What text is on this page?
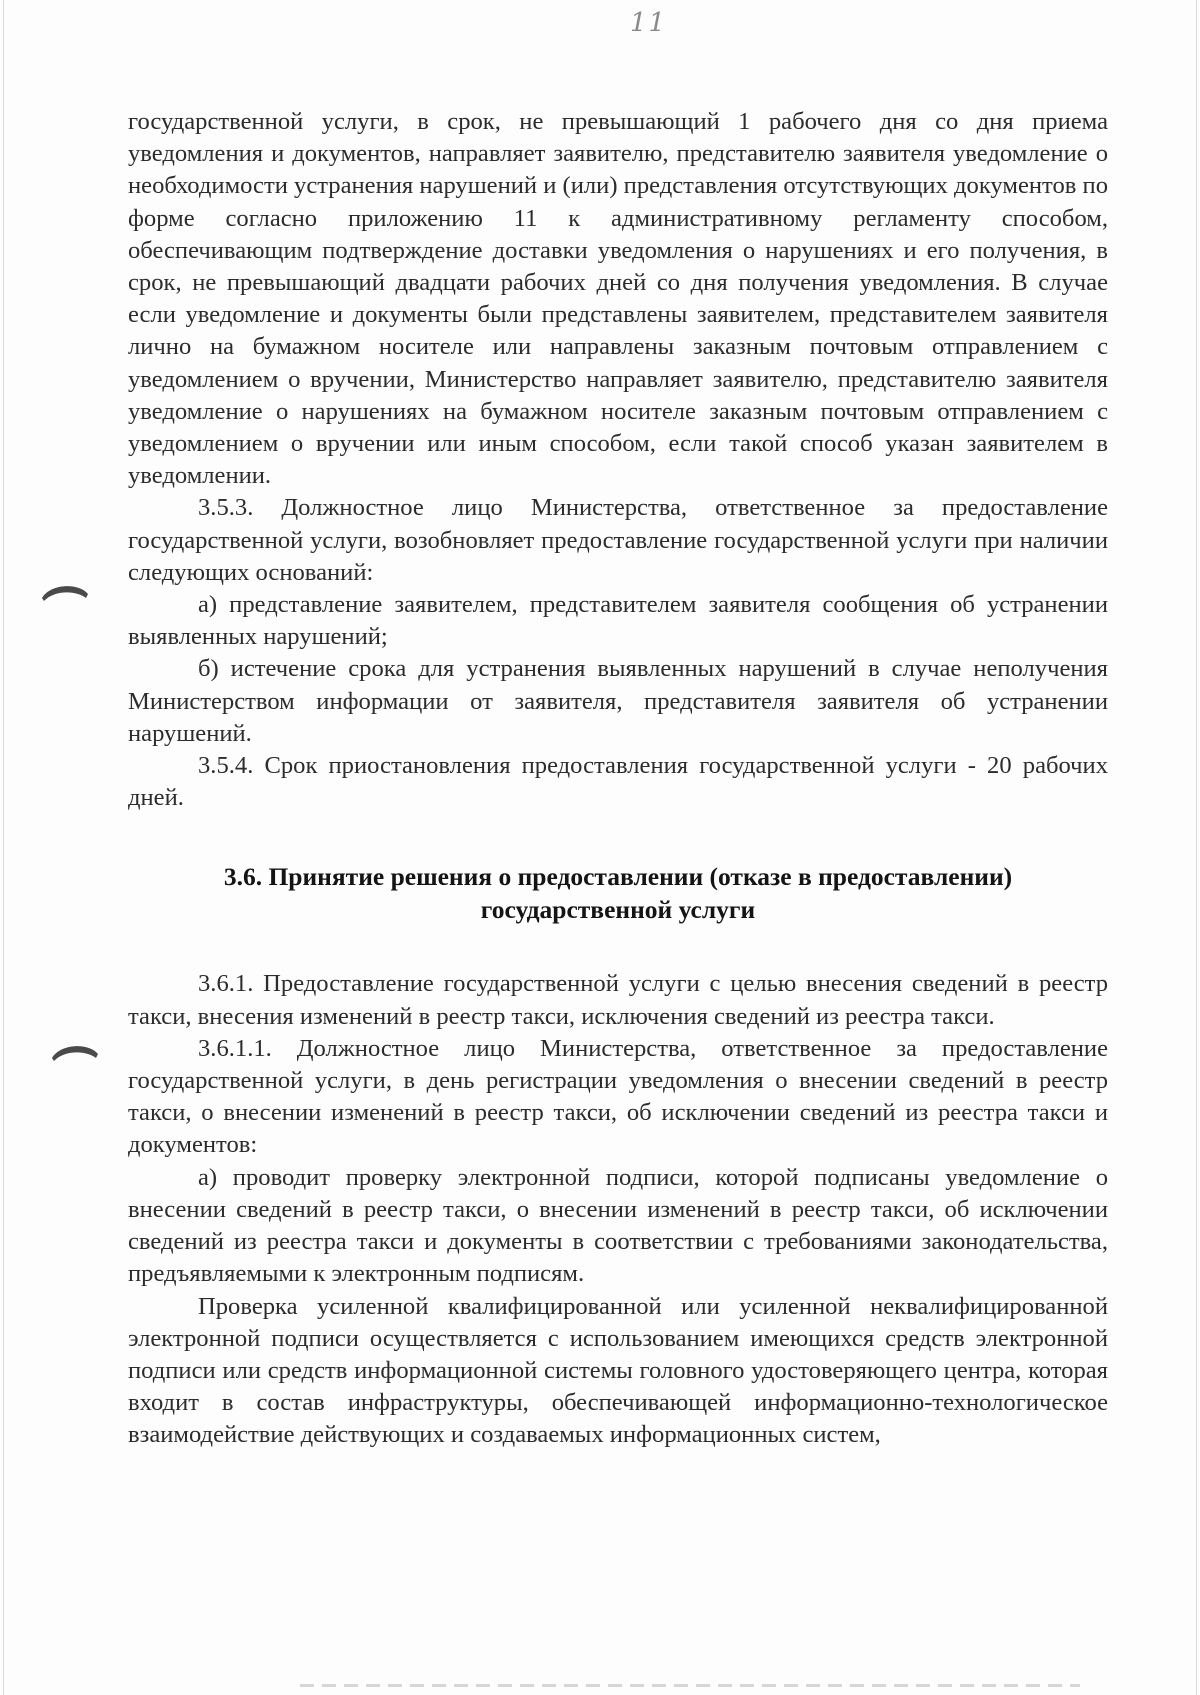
11

государственной услуги, в срок, не превышающий 1 рабочего дня со дня приема уведомления и документов, направляет заявителю, представителю заявителя уведомление о необходимости устранения нарушений и (или) представления отсутствующих документов по форме согласно приложению 11 к административному регламенту способом, обеспечивающим подтверждение доставки уведомления о нарушениях и его получения, в срок, не превышающий двадцати рабочих дней со дня получения уведомления. В случае если уведомление и документы были представлены заявителем, представителем заявителя лично на бумажном носителе или направлены заказным почтовым отправлением с уведомлением о вручении, Министерство направляет заявителю, представителю заявителя уведомление о нарушениях на бумажном носителе заказным почтовым отправлением с уведомлением о вручении или иным способом, если такой способ указан заявителем в уведомлении.

3.5.3. Должностное лицо Министерства, ответственное за предоставление государственной услуги, возобновляет предоставление государственной услуги при наличии следующих оснований:

а) представление заявителем, представителем заявителя сообщения об устранении выявленных нарушений;

б) истечение срока для устранения выявленных нарушений в случае неполучения Министерством информации от заявителя, представителя заявителя об устранении нарушений.

3.5.4. Срок приостановления предоставления государственной услуги - 20 рабочих дней.

3.6. Принятие решения о предоставлении (отказе в предоставлении)
государственной услуги

3.6.1. Предоставление государственной услуги с целью внесения сведений в реестр такси, внесения изменений в реестр такси, исключения сведений из реестра такси.

3.6.1.1. Должностное лицо Министерства, ответственное за предоставление государственной услуги, в день регистрации уведомления о внесении сведений в реестр такси, о внесении изменений в реестр такси, об исключении сведений из реестра такси и документов:

а) проводит проверку электронной подписи, которой подписаны уведомление о внесении сведений в реестр такси, о внесении изменений в реестр такси, об исключении сведений из реестра такси и документы в соответствии с требованиями законодательства, предъявляемыми к электронным подписям.

Проверка усиленной квалифицированной или усиленной неквалифицированной электронной подписи осуществляется с использованием имеющихся средств электронной подписи или средств информационной системы головного удостоверяющего центра, которая входит в состав инфраструктуры, обеспечивающей информационно-технологическое взаимодействие действующих и создаваемых информационных систем,
